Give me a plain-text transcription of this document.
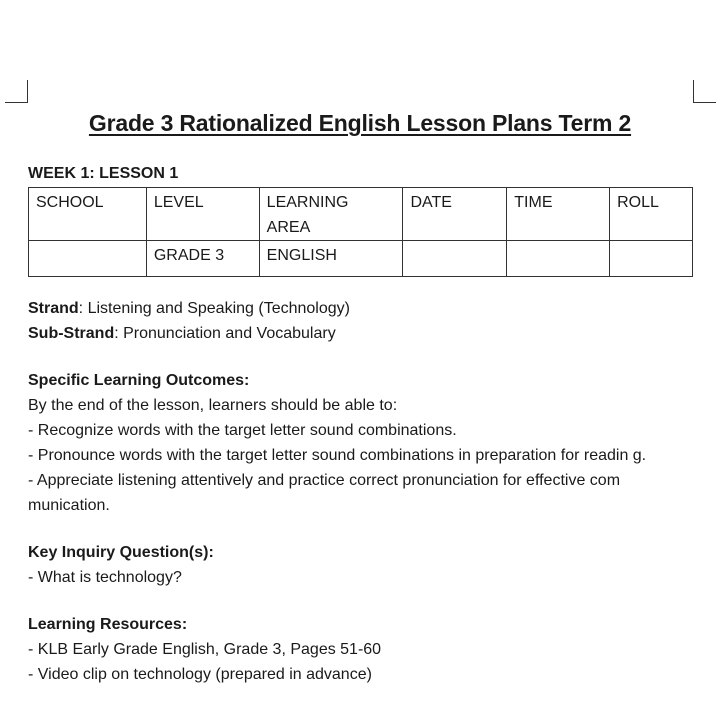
Grade 3 Rationalized English Lesson Plans Term 2
WEEK 1: LESSON 1
SCHOOL	LEVEL	LEARNING AREA	DATE	TIME	ROLL
	GRADE 3	ENGLISH			

Strand: Listening and Speaking (Technology)

Sub-Strand: Pronunciation and Vocabulary

Specific Learning Outcomes:

By the end of the lesson, learners should be able to:

- Recognize words with the target letter sound combinations.

- Pronounce words with the target letter sound combinations in preparation for readin g.

- Appreciate listening attentively and practice correct pronunciation for effective com munication.

Key Inquiry Question(s):

- What is technology?

Learning Resources:

- KLB Early Grade English, Grade 3, Pages 51-60

- Video clip on technology (prepared in advance)
